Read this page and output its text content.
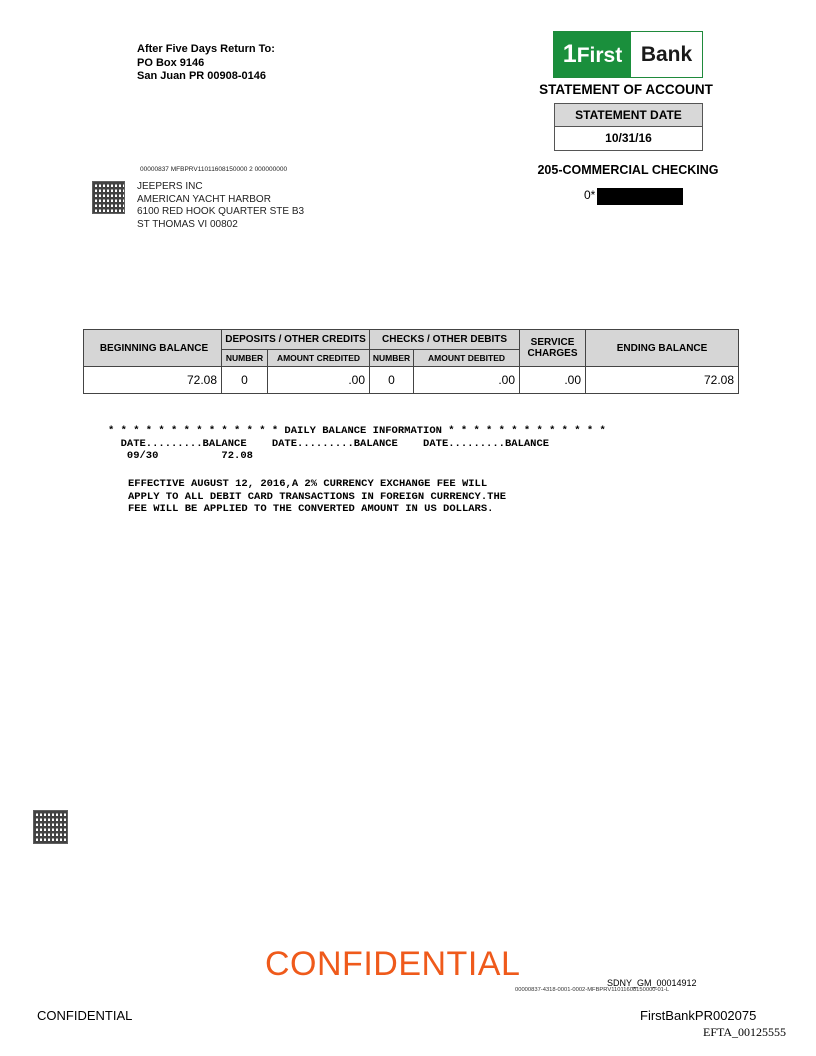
After Five Days Return To:
PO Box 9146
San Juan PR 00908-0146
1First Bank
STATEMENT OF ACCOUNT
STATEMENT DATE
10/31/16
205-COMMERCIAL CHECKING
0*
00000837 MFBPRV11011608150000 2 000000000
JEEPERS INC
AMERICAN YACHT HARBOR
6100 RED HOOK QUARTER STE B3
ST THOMAS VI 00802
BEGINNING BALANCE	DEPOSITS / OTHER CREDITS		CHECKS / OTHER DEBITS		SERVICE CHARGES	ENDING BALANCE
	NUMBER	AMOUNT CREDITED	NUMBER	AMOUNT DEBITED		
72.08	0	.00	0	.00	.00	72.08
* * * * * * * * * * * * * * DAILY BALANCE INFORMATION * * * * * * * * * * * * *
DATE.........BALANCE    DATE.........BALANCE    DATE.........BALANCE
09/30          72.08
EFFECTIVE AUGUST 12, 2016,A 2% CURRENCY EXCHANGE FEE WILL
APPLY TO ALL DEBIT CARD TRANSACTIONS IN FOREIGN CURRENCY.THE
FEE WILL BE APPLIED TO THE CONVERTED AMOUNT IN US DOLLARS.
CONFIDENTIAL	SDNY_GM_00014912
00000837-4318-0001-0002-MFBPRV11011608150000-01-L
CONFIDENTIAL	FirstBankPR002075
EFTA_00125555
